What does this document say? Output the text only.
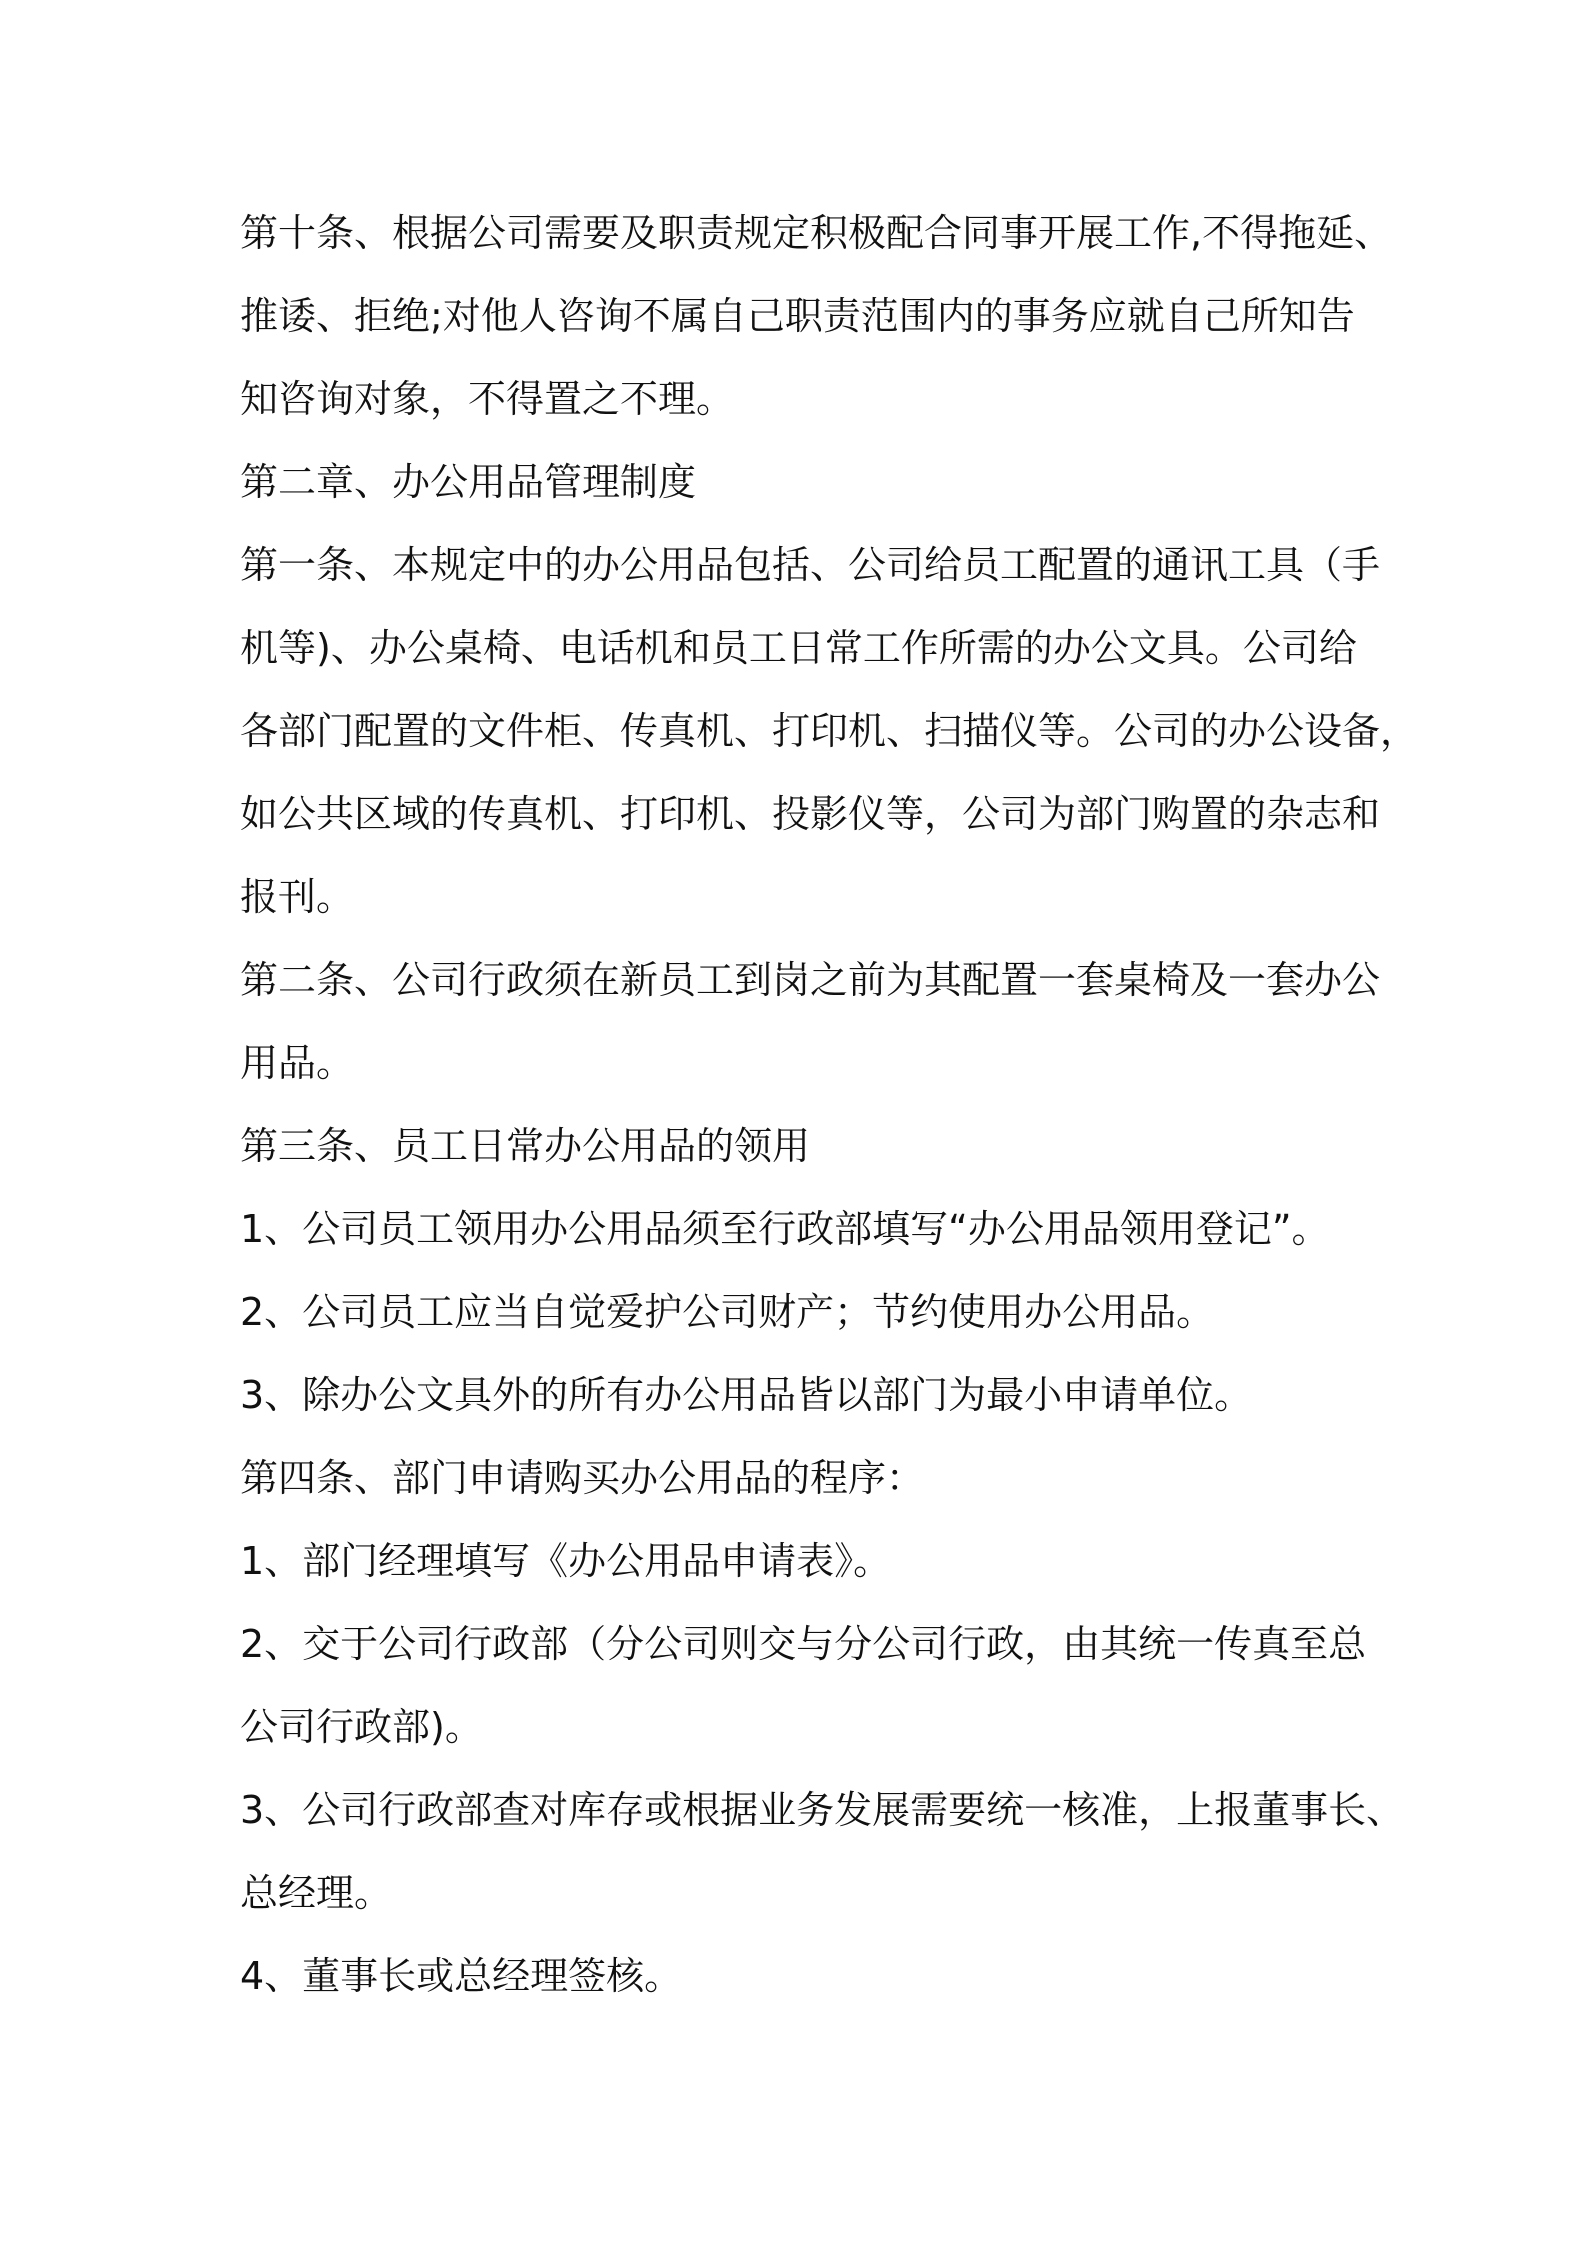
第十条、根据公司需要及职责规定积极配合同事开展工作,不得拖延、

推诿、拒绝;对他人咨询不属自己职责范围内的事务应就自己所知告

知咨询对象，不得置之不理。

第二章、办公用品管理制度

第一条、本规定中的办公用品包括、公司给员工配置的通讯工具（手

机等)、办公桌椅、电话机和员工日常工作所需的办公文具。公司给

各部门配置的文件柜、传真机、打印机、扫描仪等。公司的办公设备，

如公共区域的传真机、打印机、投影仪等，公司为部门购置的杂志和

报刊。

第二条、公司行政须在新员工到岗之前为其配置一套桌椅及一套办公

用品。

第三条、员工日常办公用品的领用

1、公司员工领用办公用品须至行政部填写“办公用品领用登记”。

2、公司员工应当自觉爱护公司财产；节约使用办公用品。

3、除办公文具外的所有办公用品皆以部门为最小申请单位。

第四条、部门申请购买办公用品的程序：

1、部门经理填写《办公用品申请表》。

2、交于公司行政部（分公司则交与分公司行政，由其统一传真至总

公司行政部)。

3、公司行政部查对库存或根据业务发展需要统一核准，上报董事长、

总经理。

4、董事长或总经理签核。
